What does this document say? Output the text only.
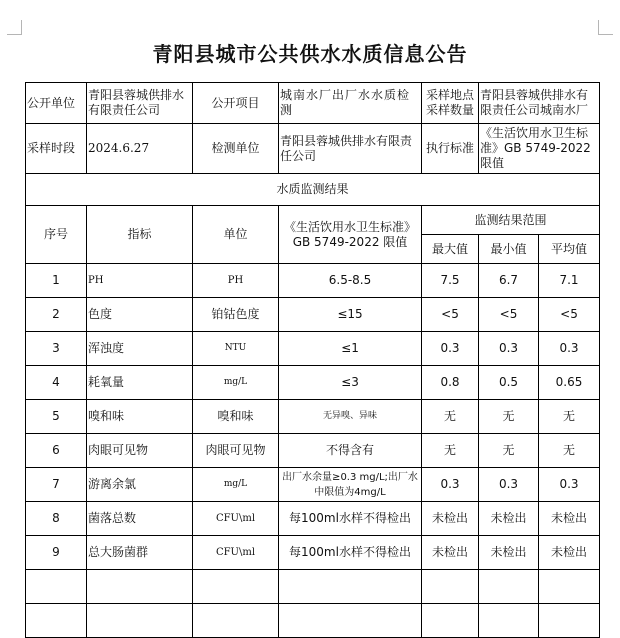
青阳县城市公共供水水质信息公告
公开单位	青阳县蓉城供排水有限责任公司	公开项目	城南水厂出厂水水质检测	采样地点采样数量	青阳县蓉城供排水有限责任公司城南水厂	
采样时段	2024.6.27	检测单位	青阳县蓉城供排水有限责任公司	执行标准	《生活饮用水卫生标准》GB 5749-2022 限值	
水质监测结果						
序号	指标	单位	《生活饮用水卫生标准》GB 5749-2022 限值	监测结果范围		
				最大值	最小值	平均值
1	PH	PH	6.5-8.5	7.5	6.7	7.1
2	色度	铂钴色度	≤15	<5	<5	<5
3	浑浊度	NTU	≤1	0.3	0.3	0.3
4	耗氧量	mg/L	≤3	0.8	0.5	0.65
5	嗅和味	嗅和味	无异嗅、异味	无	无	无
6	肉眼可见物	肉眼可见物	不得含有	无	无	无
7	游离余氯	mg/L	出厂水余量≥0.3 mg/L;出厂水中限值为4mg/L	0.3	0.3	0.3
8	菌落总数	CFU\ml	每100ml水样不得检出	未检出	未检出	未检出
9	总大肠菌群	CFU\ml	每100ml水样不得检出	未检出	未检出	未检出
